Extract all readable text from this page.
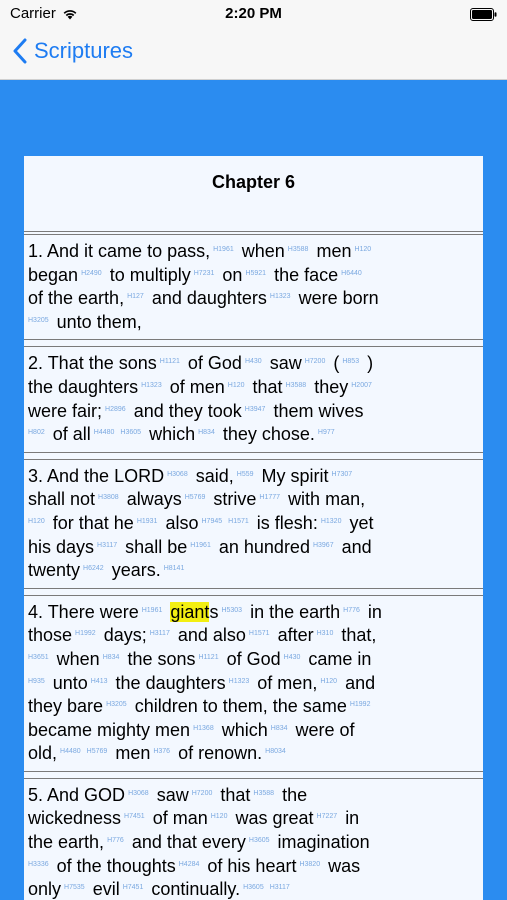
Carrier	2:20 PM
Scriptures
Chapter 6
1. And it came to pass, $^{H1961}$ when $^{H3588}$ men $^{H120}$
began $^{H2490}$ to multiply $^{H7231}$ on $^{H5921}$ the face $^{H6440}$
of the earth, $^{H127}$ and daughters $^{H1323}$ were born
$^{H3205}$ unto them,
2. That the sons $^{H1121}$ of God $^{H430}$ saw $^{H7200}$ ( $^{H853}$ )
the daughters $^{H1323}$ of men $^{H120}$ that $^{H3588}$ they $^{H2007}$
were fair; $^{H2896}$ and they took $^{H3947}$ them wives
$^{H802}$ of all $^{H4480}$ $^{H3605}$ which $^{H834}$ they chose. $^{H977}$
3. And the LORD $^{H3068}$ said, $^{H559}$ My spirit $^{H7307}$
shall not $^{H3808}$ always $^{H5769}$ strive $^{H1777}$ with man,
$^{H120}$ for that he $^{H1931}$ also $^{H7945}$ $^{H1571}$ is flesh: $^{H1320}$ yet
his days $^{H3117}$ shall be $^{H1961}$ an hundred $^{H3967}$ and
twenty $^{H6242}$ years. $^{H8141}$
4. There were $^{H1961}$ giants $^{H5303}$ in the earth $^{H776}$ in
those $^{H1992}$ days; $^{H3117}$ and also $^{H1571}$ after $^{H310}$ that,
$^{H3651}$ when $^{H834}$ the sons $^{H1121}$ of God $^{H430}$ came in
$^{H935}$ unto $^{H413}$ the daughters $^{H1323}$ of men, $^{H120}$ and
they bare $^{H3205}$ children to them, the same $^{H1992}$
became mighty men $^{H1368}$ which $^{H834}$ were of
old, $^{H4480}$ $^{H5769}$ men $^{H376}$ of renown. $^{H8034}$
5. And GOD $^{H3068}$ saw $^{H7200}$ that $^{H3588}$ the
wickedness $^{H7451}$ of man $^{H120}$ was great $^{H7227}$ in
the earth, $^{H776}$ and that every $^{H3605}$ imagination
$^{H3336}$ of the thoughts $^{H4284}$ of his heart $^{H3820}$ was
only $^{H7535}$ evil $^{H7451}$ continually. $^{H3605}$ $^{H3117}$
